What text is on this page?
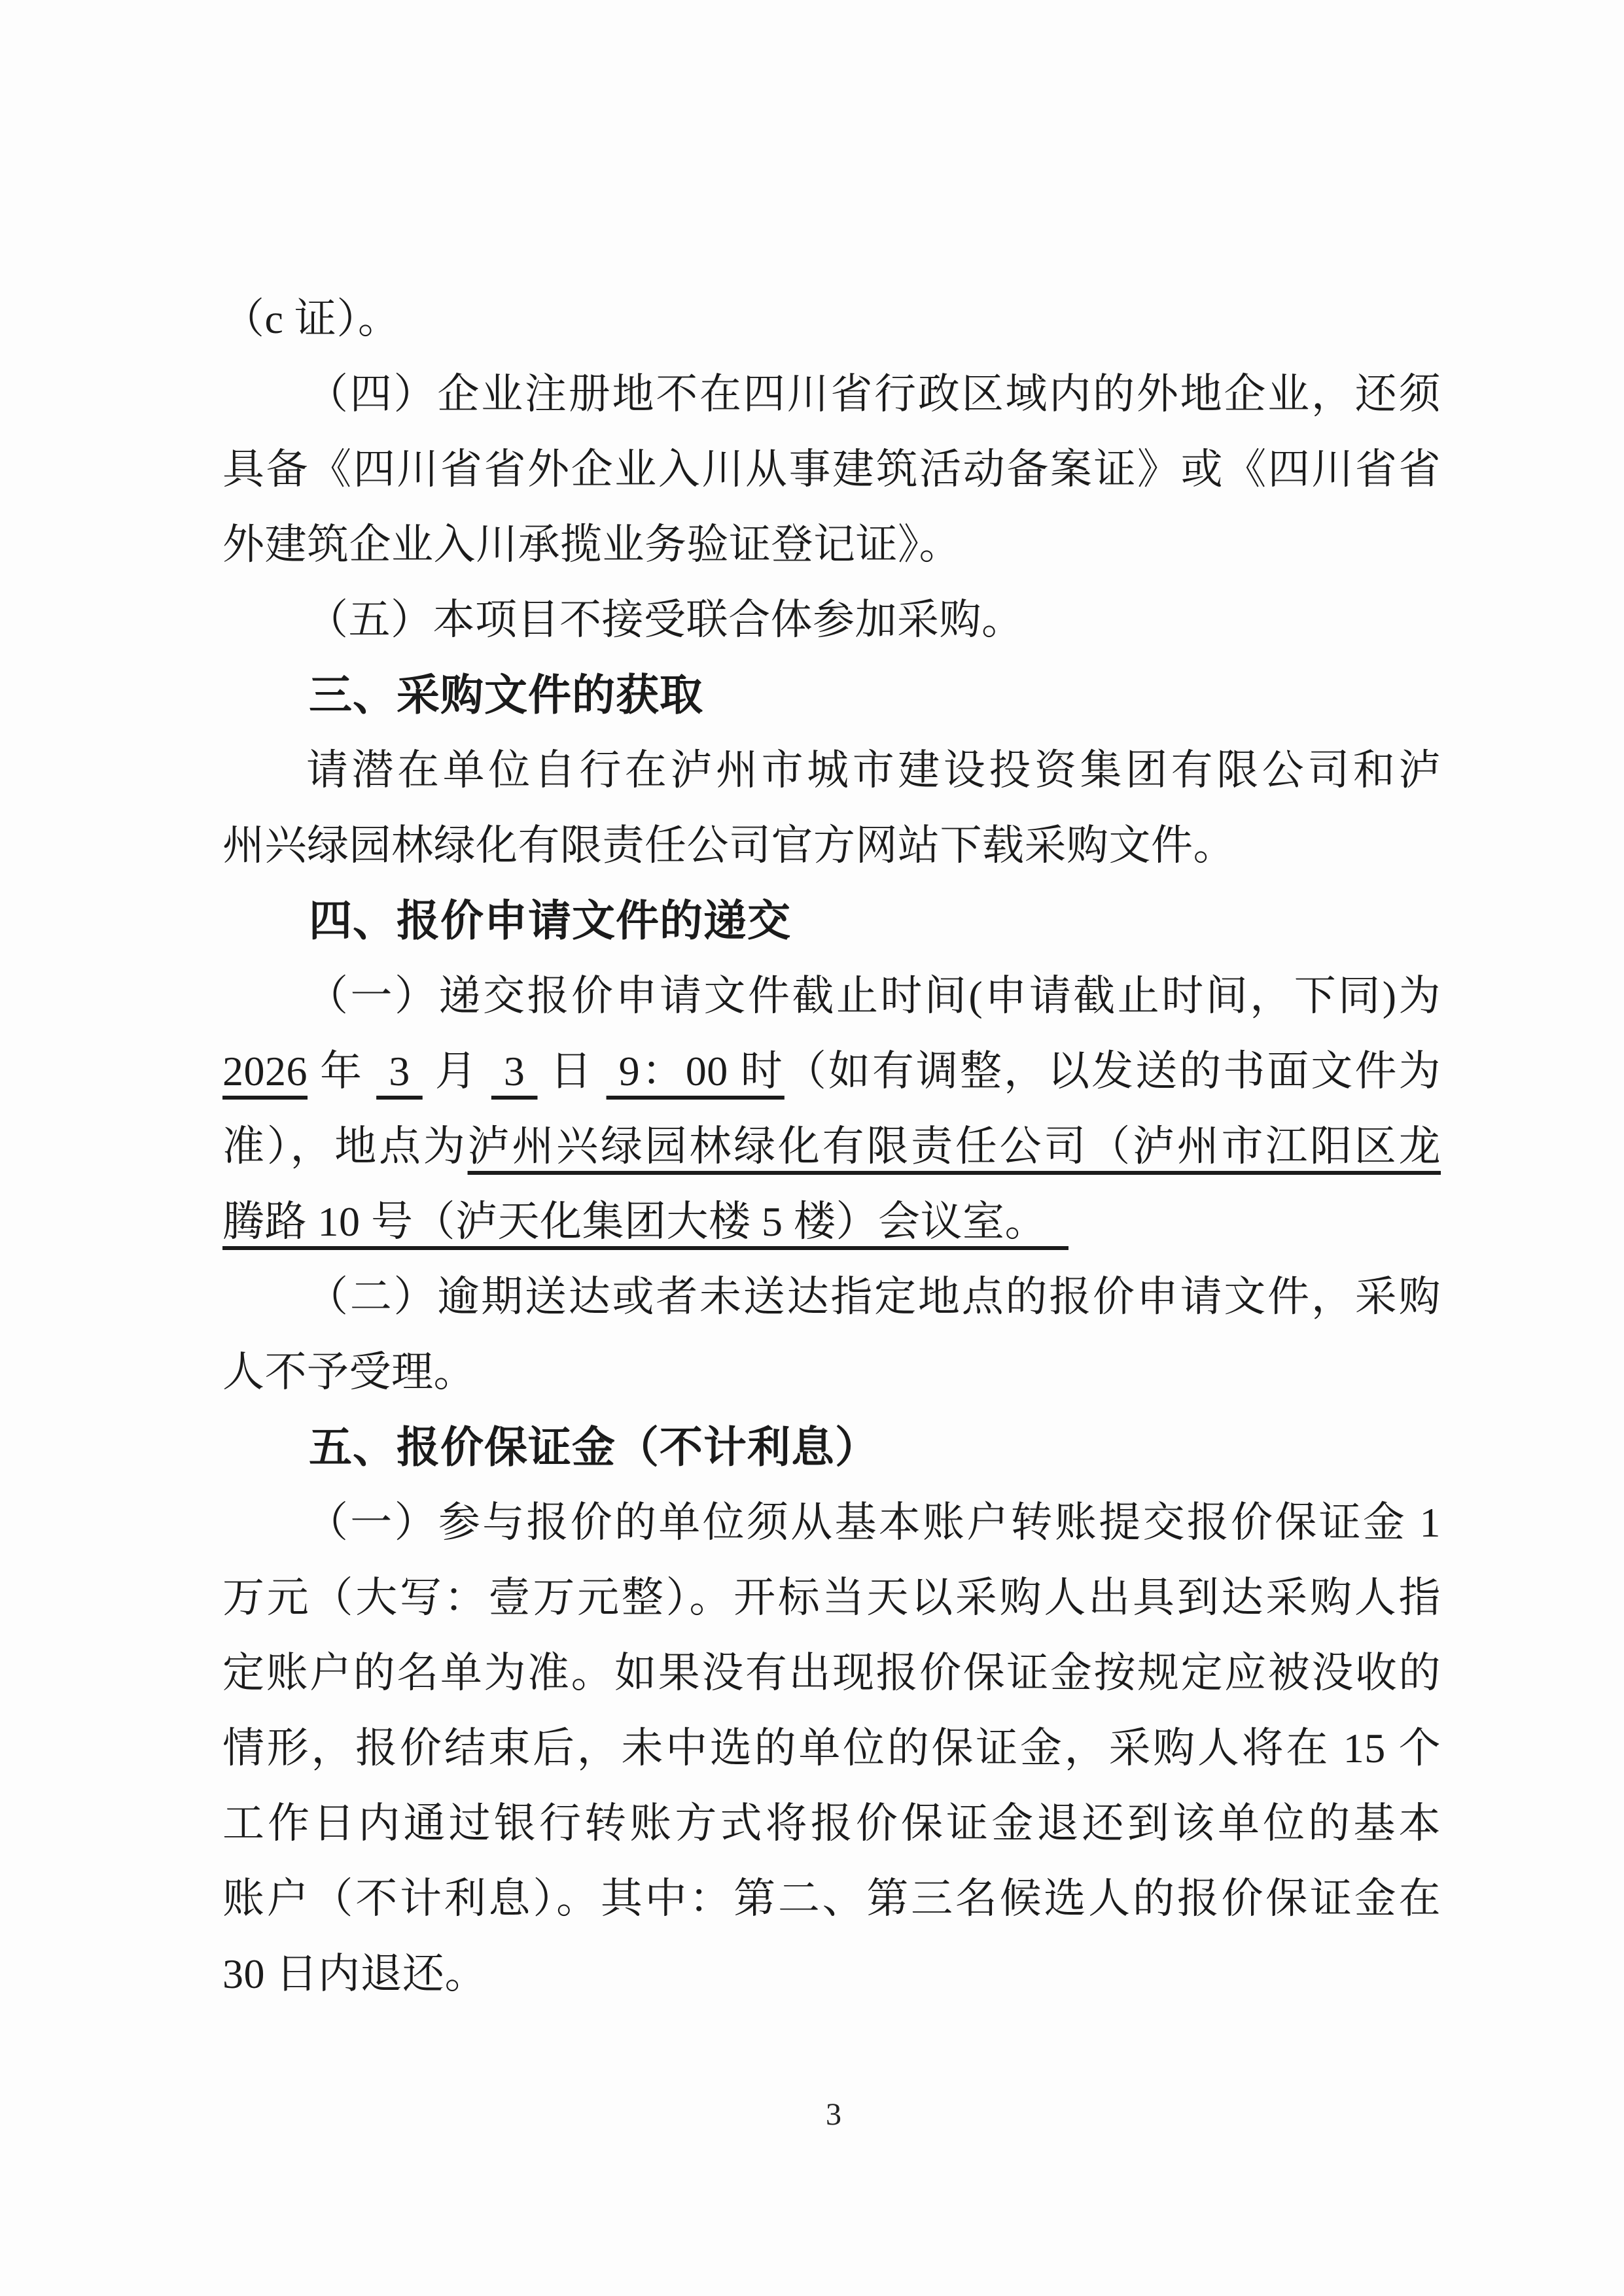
（c 证）。
（四）企业注册地不在四川省行政区域内的外地企业，还须
具备《四川省省外企业入川从事建筑活动备案证》或《四川省省
外建筑企业入川承揽业务验证登记证》。
（五）本项目不接受联合体参加采购。
三、采购文件的获取
请潜在单位自行在泸州市城市建设投资集团有限公司和泸
州兴绿园林绿化有限责任公司官方网站下载采购文件。
四、报价申请文件的递交
（一）递交报价申请文件截止时间(申请截止时间，下同)为
2026 年  3  月  3  日  9：00 时（如有调整，以发送的书面文件为
准），地点为泸州兴绿园林绿化有限责任公司（泸州市江阳区龙
腾路 10 号（泸天化集团大楼 5 楼）会议室。
（二）逾期送达或者未送达指定地点的报价申请文件，采购
人不予受理。
五、报价保证金（不计利息）
（一）参与报价的单位须从基本账户转账提交报价保证金 1
万元（大写：壹万元整）。开标当天以采购人出具到达采购人指
定账户的名单为准。如果没有出现报价保证金按规定应被没收的
情形，报价结束后，未中选的单位的保证金，采购人将在 15 个
工作日内通过银行转账方式将报价保证金退还到该单位的基本
账户（不计利息）。其中：第二、第三名候选人的报价保证金在
30 日内退还。
3
